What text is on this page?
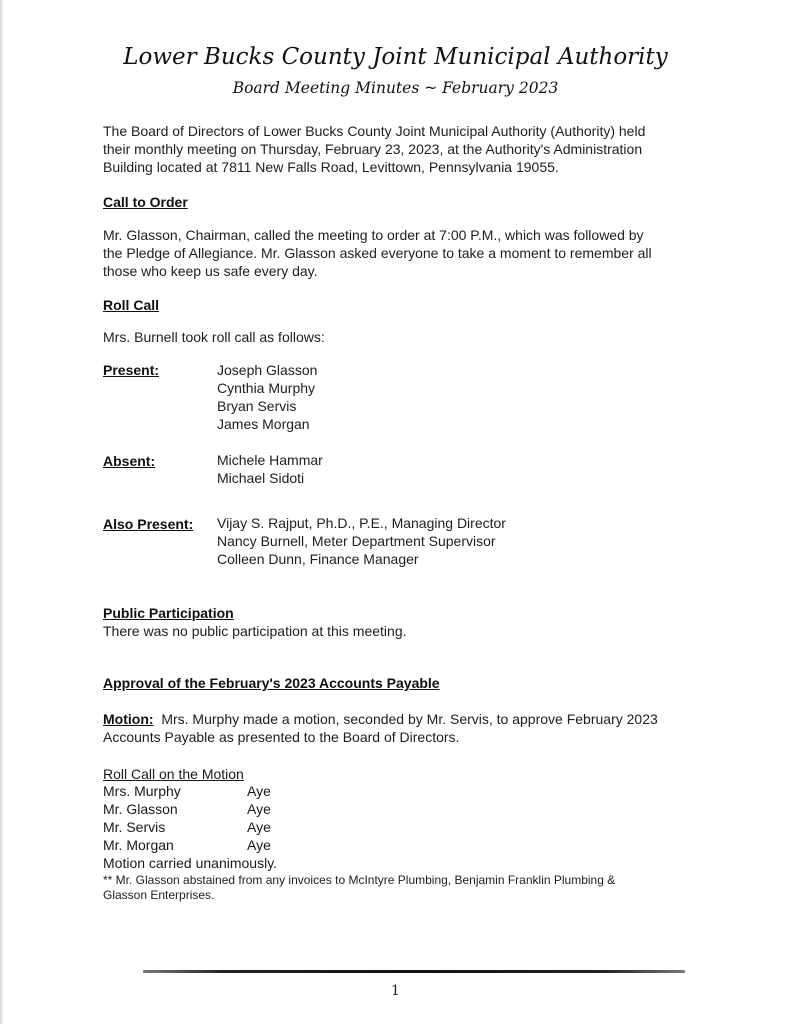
Lower Bucks County Joint Municipal Authority
Board Meeting Minutes ~ February 2023
The Board of Directors of Lower Bucks County Joint Municipal Authority (Authority) held
their monthly meeting on Thursday, February 23, 2023, at the Authority's Administration
Building located at 7811 New Falls Road, Levittown, Pennsylvania 19055.
Call to Order
Mr. Glasson, Chairman, called the meeting to order at 7:00 P.M., which was followed by
the Pledge of Allegiance. Mr. Glasson asked everyone to take a moment to remember all
those who keep us safe every day.
Roll Call
Mrs. Burnell took roll call as follows:
Present:	Joseph Glasson
Cynthia Murphy
Bryan Servis
James Morgan
Absent:	Michele Hammar
Michael Sidoti
Also Present: Vijay S. Rajput, Ph.D., P.E., Managing Director
Nancy Burnell, Meter Department Supervisor
Colleen Dunn, Finance Manager
Public Participation
There was no public participation at this meeting.
Approval of the February's 2023 Accounts Payable
Motion: Mrs. Murphy made a motion, seconded by Mr. Servis, to approve February 2023
Accounts Payable as presented to the Board of Directors.
Roll Call on the Motion
Mrs. Murphy	Aye
Mr. Glasson	Aye
Mr. Servis	Aye
Mr. Morgan	Aye
Motion carried unanimously.
** Mr. Glasson abstained from any invoices to McIntyre Plumbing, Benjamin Franklin Plumbing &
Glasson Enterprises.
1
